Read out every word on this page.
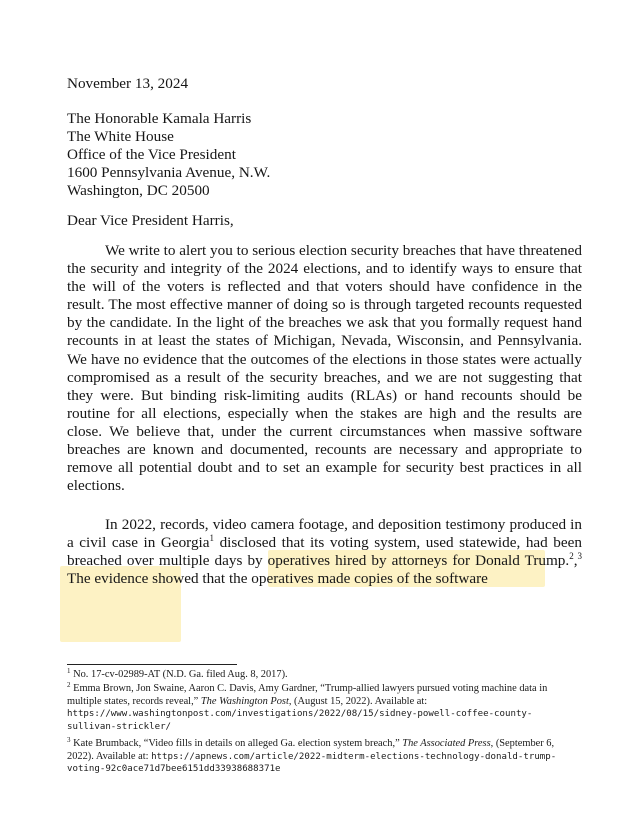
November 13, 2024
The Honorable Kamala Harris
The White House
Office of the Vice President
1600 Pennsylvania Avenue, N.W.
Washington, DC 20500
Dear Vice President Harris,
We write to alert you to serious election security breaches that have threatened the security and integrity of the 2024 elections, and to identify ways to ensure that the will of the voters is reflected and that voters should have confidence in the result. The most effective manner of doing so is through targeted recounts requested by the candidate. In the light of the breaches we ask that you formally request hand recounts in at least the states of Michigan, Nevada, Wisconsin, and Pennsylvania. We have no evidence that the outcomes of the elections in those states were actually compromised as a result of the security breaches, and we are not suggesting that they were. But binding risk-limiting audits (RLAs) or hand recounts should be routine for all elections, especially when the stakes are high and the results are close. We believe that, under the current circumstances when massive software breaches are known and documented, recounts are necessary and appropriate to remove all potential doubt and to set an example for security best practices in all elections.
In 2022, records, video camera footage, and deposition testimony produced in a civil case in Georgia$^1$ disclosed that its voting system, used statewide, had been breached over multiple days by operatives hired by attorneys for Donald Trump.$^2$,$^3$ The evidence showed that the operatives made copies of the software
$^1$ No. 17-cv-02989-AT (N.D. Ga. filed Aug. 8, 2017).
$^2$ Emma Brown, Jon Swaine, Aaron C. Davis, Amy Gardner, “Trump-allied lawyers pursued voting machine data in multiple states, records reveal,” The Washington Post, (August 15, 2022). Available at: https://www.washingtonpost.com/investigations/2022/08/15/sidney-powell-coffee-county-sullivan-strickler/
$^3$ Kate Brumback, “Video fills in details on alleged Ga. election system breach,” The Associated Press, (September 6, 2022). Available at: https://apnews.com/article/2022-midterm-elections-technology-donald-trump-voting-92c0ace71d7bee6151dd33938688371e
